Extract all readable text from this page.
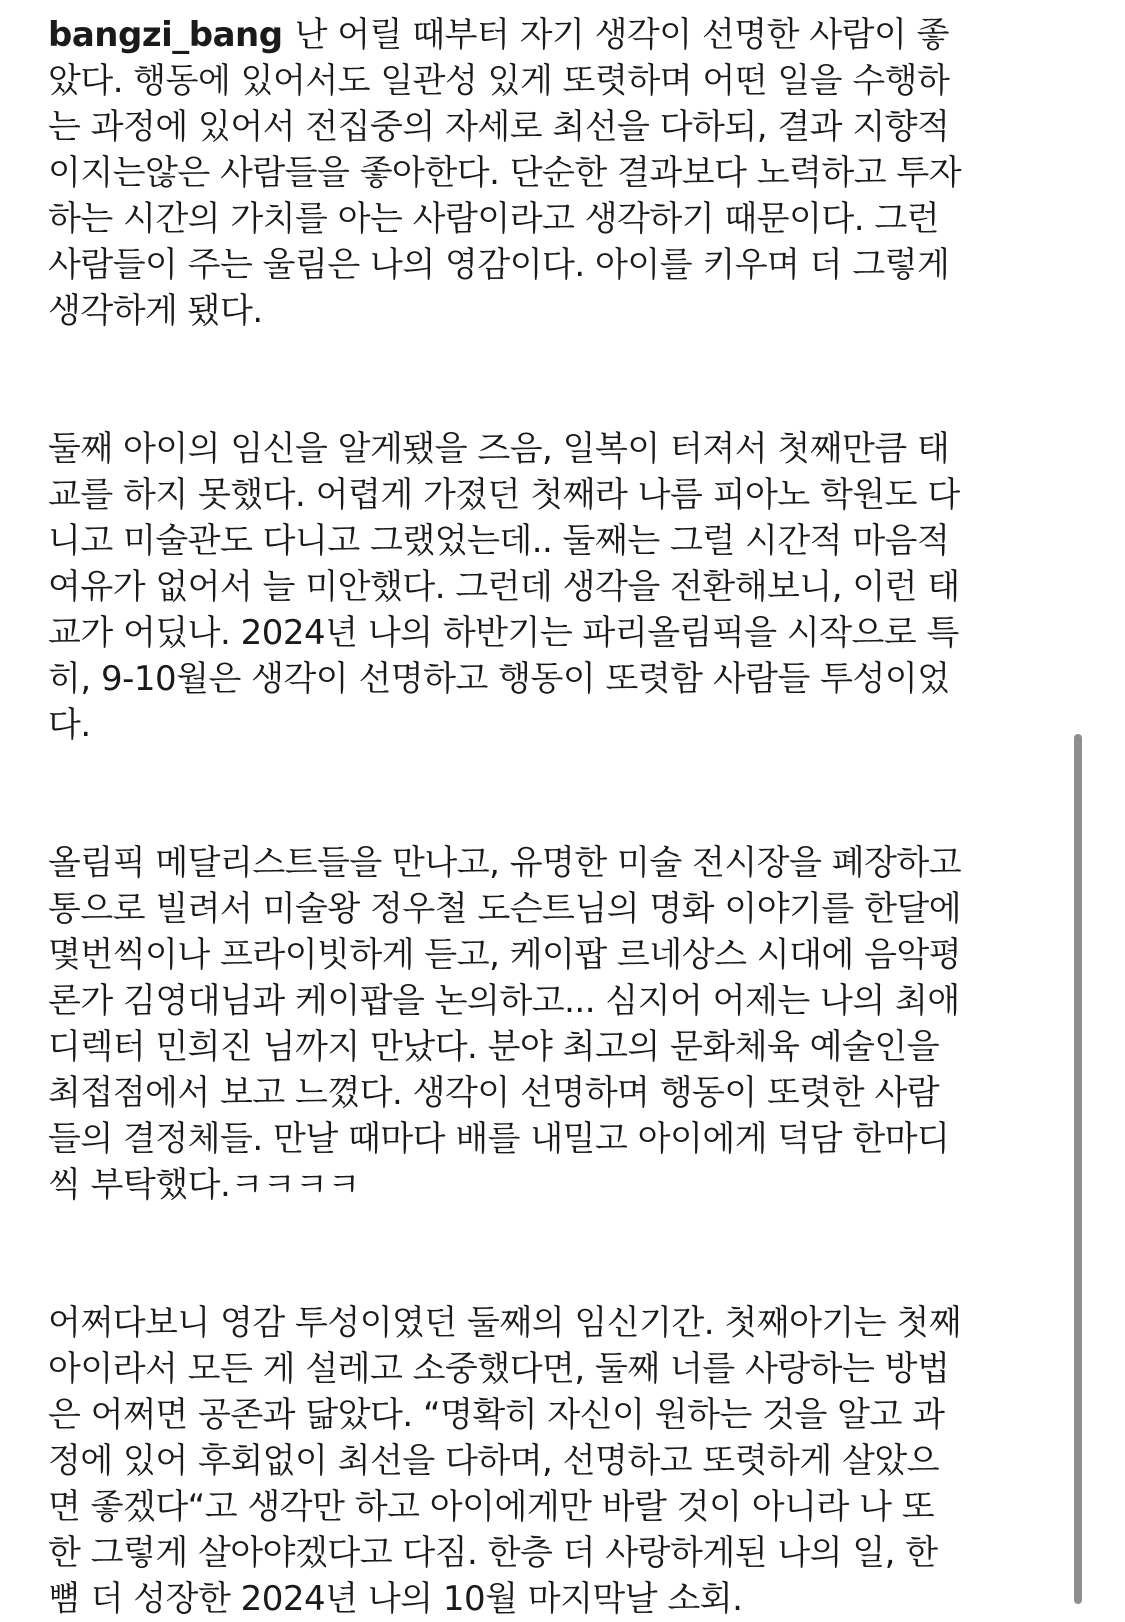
bangzi_bang 난 어릴 때부터 자기 생각이 선명한 사람이 좋
았다. 행동에 있어서도 일관성 있게 또렷하며 어떤 일을 수행하
는 과정에 있어서 전집중의 자세로 최선을 다하되, 결과 지향적
이지는않은 사람들을 좋아한다. 단순한 결과보다 노력하고 투자
하는 시간의 가치를 아는 사람이라고 생각하기 때문이다. 그런
사람들이 주는 울림은 나의 영감이다. 아이를 키우며 더 그렇게
생각하게 됐다.
둘째 아이의 임신을 알게됐을 즈음, 일복이 터져서 첫째만큼 태
교를 하지 못했다. 어렵게 가졌던 첫째라 나름 피아노 학원도 다
니고 미술관도 다니고 그랬었는데.. 둘째는 그럴 시간적 마음적
여유가 없어서 늘 미안했다. 그런데 생각을 전환해보니, 이런 태
교가 어딨나. 2024년 나의 하반기는 파리올림픽을 시작으로 특
히, 9-10월은 생각이 선명하고 행동이 또렷함 사람들 투성이었
다.
올림픽 메달리스트들을 만나고, 유명한 미술 전시장을 폐장하고
통으로 빌려서 미술왕 정우철 도슨트님의 명화 이야기를 한달에
몇번씩이나 프라이빗하게 듣고, 케이팝 르네상스 시대에 음악평
론가 김영대님과 케이팝을 논의하고... 심지어 어제는 나의 최애
디렉터 민희진 님까지 만났다. 분야 최고의 문화체육 예술인을
최접점에서 보고 느꼈다. 생각이 선명하며 행동이 또렷한 사람
들의 결정체들. 만날 때마다 배를 내밀고 아이에게 덕담 한마디
씩 부탁했다.ㅋㅋㅋㅋ
어쩌다보니 영감 투성이였던 둘째의 임신기간. 첫째아기는 첫째
아이라서 모든 게 설레고 소중했다면, 둘째 너를 사랑하는 방법
은 어쩌면 공존과 닮았다. “명확히 자신이 원하는 것을 알고 과
정에 있어 후회없이 최선을 다하며, 선명하고 또렷하게 살았으
면 좋겠다“고 생각만 하고 아이에게만 바랄 것이 아니라 나 또
한 그렇게 살아야겠다고 다짐. 한층 더 사랑하게된 나의 일, 한
뼘 더 성장한 2024년 나의 10월 마지막날 소회.
